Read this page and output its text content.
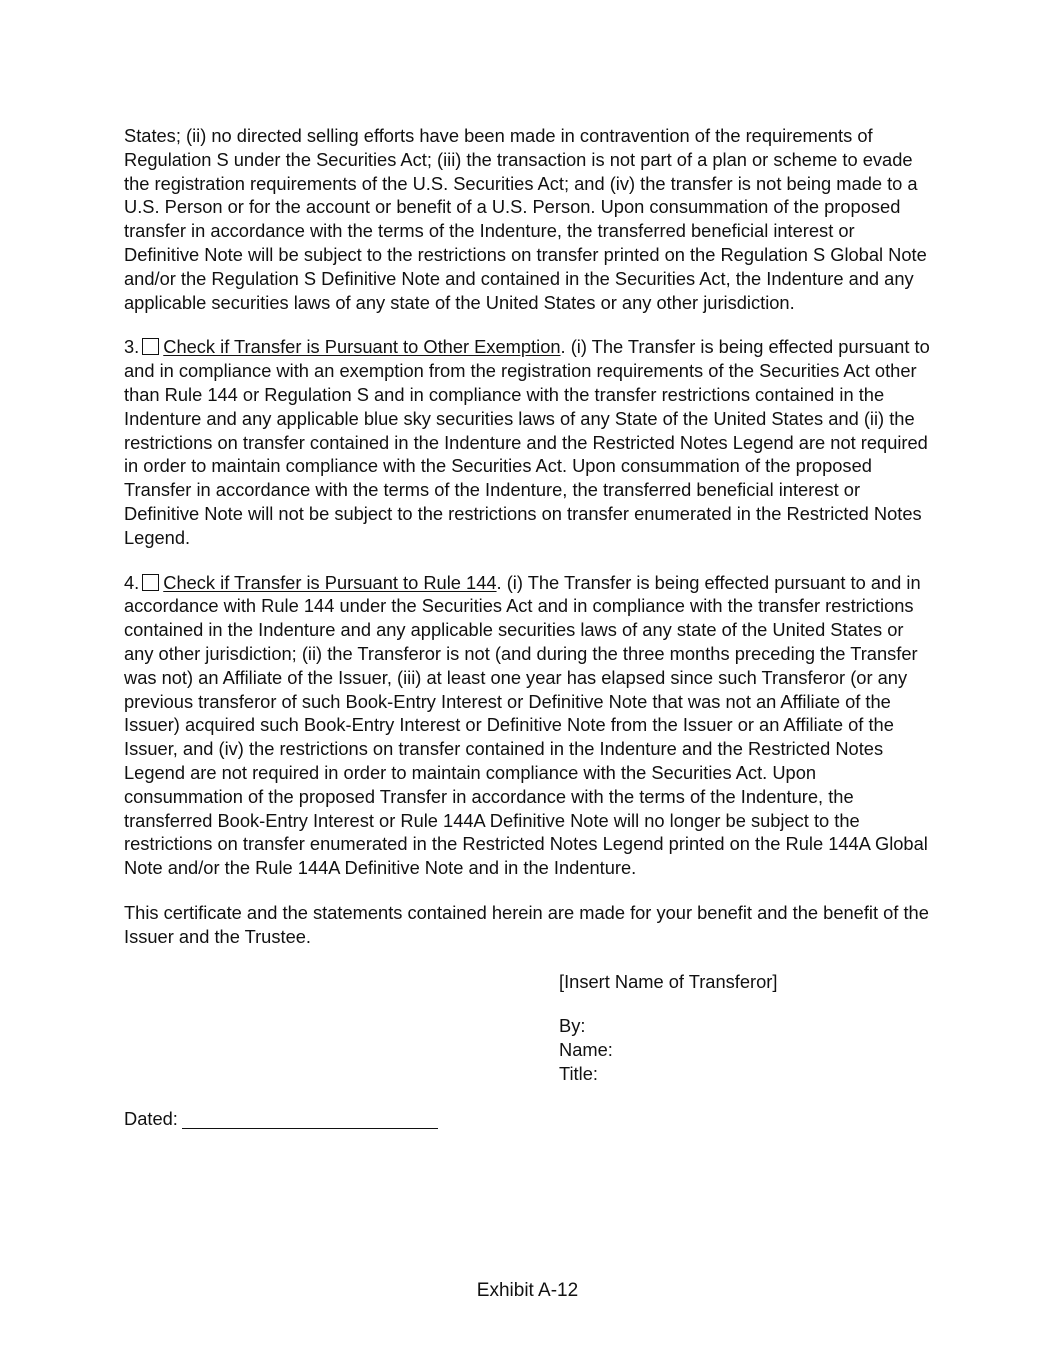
States; (ii) no directed selling efforts have been made in contravention of the requirements of Regulation S under the Securities Act; (iii) the transaction is not part of a plan or scheme to evade the registration requirements of the U.S. Securities Act; and (iv) the transfer is not being made to a U.S. Person or for the account or benefit of a U.S. Person. Upon consummation of the proposed transfer in accordance with the terms of the Indenture, the transferred beneficial interest or Definitive Note will be subject to the restrictions on transfer printed on the Regulation S Global Note and/or the Regulation S Definitive Note and contained in the Securities Act, the Indenture and any applicable securities laws of any state of the United States or any other jurisdiction.

3. Check if Transfer is Pursuant to Other Exemption. (i) The Transfer is being effected pursuant to and in compliance with an exemption from the registration requirements of the Securities Act other than Rule 144 or Regulation S and in compliance with the transfer restrictions contained in the Indenture and any applicable blue sky securities laws of any State of the United States and (ii) the restrictions on transfer contained in the Indenture and the Restricted Notes Legend are not required in order to maintain compliance with the Securities Act. Upon consummation of the proposed Transfer in accordance with the terms of the Indenture, the transferred beneficial interest or Definitive Note will not be subject to the restrictions on transfer enumerated in the Restricted Notes Legend.

4. Check if Transfer is Pursuant to Rule 144. (i) The Transfer is being effected pursuant to and in accordance with Rule 144 under the Securities Act and in compliance with the transfer restrictions contained in the Indenture and any applicable securities laws of any state of the United States or any other jurisdiction; (ii) the Transferor is not (and during the three months preceding the Transfer was not) an Affiliate of the Issuer, (iii) at least one year has elapsed since such Transferor (or any previous transferor of such Book-Entry Interest or Definitive Note that was not an Affiliate of the Issuer) acquired such Book-Entry Interest or Definitive Note from the Issuer or an Affiliate of the Issuer, and (iv) the restrictions on transfer contained in the Indenture and the Restricted Notes Legend are not required in order to maintain compliance with the Securities Act. Upon consummation of the proposed Transfer in accordance with the terms of the Indenture, the transferred Book-Entry Interest or Rule 144A Definitive Note will no longer be subject to the restrictions on transfer enumerated in the Restricted Notes Legend printed on the Rule 144A Global Note and/or the Rule 144A Definitive Note and in the Indenture.

This certificate and the statements contained herein are made for your benefit and the benefit of the Issuer and the Trustee.

[Insert Name of Transferor]
By:
Name:
Title:
Dated:
Exhibit A-12
